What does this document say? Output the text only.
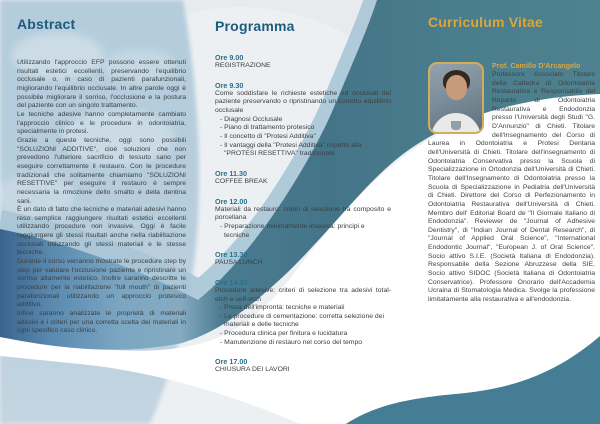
Abstract

Utilizzando l'approccio EFP possono essere ottenuti risultati estetici eccellenti, preservando l'equilibrio occlusale o, in caso di pazienti parafunzionali, migliorando l'equilibrio occlusale. In altre parole oggi è possibile migliorare il sorriso, l'occlusione e la postura del paziente con un singolo trattamento.

Le tecniche adesive hanno completamente cambiato l'approccio clinico e le procedure in odontoiatria, specialmente in protesi.

Grazie a queste tecniche, oggi sono possibili "SOLUZIONI ADDITIVE", cioè soluzioni che non prevedono l'ulteriore sacrificio di tessuto sano per eseguire correttamente il restauro. Con le procedure tradizionali che solitamente chiamiamo "SOLUZIONI RESETTIVE" per eseguire il restauro è sempre necessaria la rimozione dello smalto e della dentina sani.

È un dato di fatto che tecniche e materiali adesivi hanno reso semplice raggiungere risultati estetici eccellenti utilizzando procedure non invasive. Oggi è facile raggiungere gli stessi risultati anche nella riabilitazione occlusali utilizzando gli stessi materiali e le stesse tecniche.

Durante il corso verranno mostrate le procedure step by step per valutare l'occlusione paziente e ripristinare un sorriso altamente estetico. Inoltre saranno descritte le procedure per la riabilitazione "full mouth" di pazienti parafunzionali utilizzando un approccio protesico additivo.

Infine saranno analizzate le proprietà di materiali adesivi e i criteri per una corretta scelta dei materiali in ogni specifico caso clinico.

Programma
Ore 9.00
REGISTRAZIONE
Ore 9.30
Come soddisfare le richieste estetiche ed occlusali del paziente preservando o ripristinando un corretto equilibrio occlusale
- Diagnosi Occlusale
- Piano di trattamento protesico
- Il concetto di "Protesi Additiva"
- Il vantaggi della "Protesi Additiva" rispetto alla "PROTESI RESETTIVA" tradizionale
Ore 11.30
COFFEE BREAK
Ore 12.00
Materiali da restauro: criteri di selezione tra composito e porcellana
- Preparazione minimamente invasiva: principi e tecniche
Ore 13.30
PAUSA LUNCH
Ore 14.30
Procedure adesive: criteri di selezione tra adesivi total-etch e self-etch
- Presa dell'impronta: tecniche e materiali
- Le procedure di cementazione: corretta selezione dei materiali e delle tecniche
- Procedura clinica per finitura e lucidatura
- Manutenzione di restauro nel corso del tempo
Ore 17.00
CHIUSURA DEI LAVORI
Curriculum Vitae
Prof. Camillo D'Arcangelo
Professore Associato Titolare della Cattedra di Odontoiatria Restaurativa e Responsabile del Reparto di Odontoiatria Restaurativa e Endodonzia presso l'Università degli Studi "G. D'Annunzio" di Chieti. Titolare dell'Insegnamento del Corso di Laurea in Odontoiatria e Protesi Dentaria dell'Università di Chieti. Titolare dell'insegnamento di Odontoiatria Conservativa presso la Scuola di Specializzazione in Ortodonzia dell'Università di Chieti. Titolare dell'Insegnamento di Odontoiatria presso la Scuola di Specializzazione in Pediatria dell'Università di Chieti. Direttore del Corso di Perfezionamento in Odontoiatria Restaurativa dell'Università di Chieti. Membro dell' Editorial Board de "Il Giornale Italiano di Endodonzia". Reviewer de "Journal of Adhesive Dentistry", di "Indian Journal of Dental Research", di "Journal of Applied Oral Science", "International Endodontic Journal", "European J. of Oral Science". Socio attivo S.I.E. (Società Italiana di Endodonzia). Responsabile della Sezione Abruzzese della SIE. Socio attivo SIDOC (Società Italiana di Odontoiatria Conservatrice). Professore Onorario dell'Accademia Ucraina di Stomatologia Medica. Svolge la professione limitatamente alla restaurativa e all'endodonzia.
